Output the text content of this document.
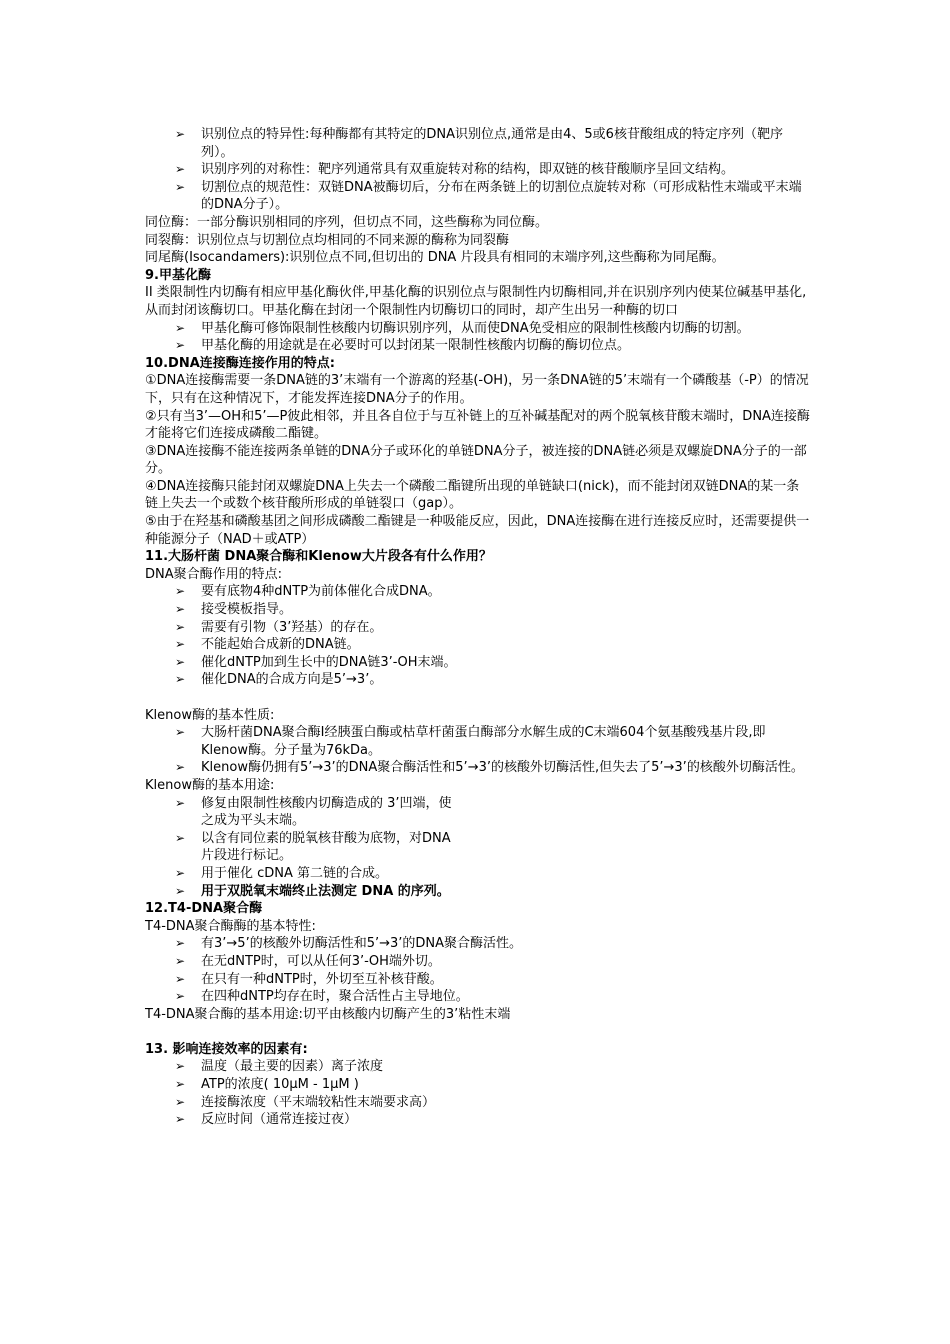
➢ 识别位点的特异性:每种酶都有其特定的DNA识别位点,通常是由4、5或6核苷酸组成的特定序列（靶序列）。

➢ 识别序列的对称性：靶序列通常具有双重旋转对称的结构，即双链的核苷酸顺序呈回文结构。

➢ 切割位点的规范性：双链DNA被酶切后，分布在两条链上的切割位点旋转对称（可形成粘性末端或平末端的DNA分子）。

同位酶：一部分酶识别相同的序列，但切点不同，这些酶称为同位酶。

同裂酶：识别位点与切割位点均相同的不同来源的酶称为同裂酶

同尾酶(Isocandamers):识别位点不同,但切出的 DNA 片段具有相同的末端序列,这些酶称为同尾酶。

9.甲基化酶

II 类限制性内切酶有相应甲基化酶伙伴,甲基化酶的识别位点与限制性内切酶相同,并在识别序列内使某位碱基甲基化,从而封闭该酶切口。甲基化酶在封闭一个限制性内切酶切口的同时，却产生出另一种酶的切口

➢ 甲基化酶可修饰限制性核酸内切酶识别序列，从而使DNA免受相应的限制性核酸内切酶的切割。

➢ 甲基化酶的用途就是在必要时可以封闭某一限制性核酸内切酶的酶切位点。

10.DNA连接酶连接作用的特点:

①DNA连接酶需要一条DNA链的3’末端有一个游离的羟基(-OH)，另一条DNA链的5’末端有一个磷酸基（-P）的情况下，只有在这种情况下，才能发挥连接DNA分子的作用。

②只有当3’—OH和5’—P彼此相邻，并且各自位于与互补链上的互补碱基配对的两个脱氧核苷酸末端时，DNA连接酶才能将它们连接成磷酸二酯键。

③DNA连接酶不能连接两条单链的DNA分子或环化的单链DNA分子，被连接的DNA链必须是双螺旋DNA分子的一部分。

④DNA连接酶只能封闭双螺旋DNA上失去一个磷酸二酯键所出现的单链缺口(nick)，而不能封闭双链DNA的某一条链上失去一个或数个核苷酸所形成的单链裂口（gap）。

⑤由于在羟基和磷酸基团之间形成磷酸二酯键是一种吸能反应，因此，DNA连接酶在进行连接反应时，还需要提供一种能源分子（NAD＋或ATP）

11.大肠杆菌 DNA聚合酶和Klenow大片段各有什么作用？

DNA聚合酶作用的特点:

➢ 要有底物4种dNTP为前体催化合成DNA。

➢ 接受模板指导。

➢ 需要有引物（3’羟基）的存在。

➢ 不能起始合成新的DNA链。

➢ 催化dNTP加到生长中的DNA链3’-OH末端。

➢ 催化DNA的合成方向是5’→3’。

Klenow酶的基本性质:

➢ 大肠杆菌DNA聚合酶Ⅰ经胰蛋白酶或枯草杆菌蛋白酶部分水解生成的C末端604个氨基酸残基片段,即Klenow酶。分子量为76kDa。

➢ Klenow酶仍拥有5’→3’的DNA聚合酶活性和5’→3’的核酸外切酶活性,但失去了5’→3’的核酸外切酶活性。

Klenow酶的基本用途:

➢ 修复由限制性核酸内切酶造成的 3’凹端，使
之成为平头末端。

➢ 以含有同位素的脱氧核苷酸为底物，对DNA
片段进行标记。

➢ 用于催化 cDNA 第二链的合成。

➢ 用于双脱氧末端终止法测定 DNA 的序列。

12.T4-DNA聚合酶

T4-DNA聚合酶酶的基本特性:

➢ 有3’→5’的核酸外切酶活性和5’→3’的DNA聚合酶活性。

➢ 在无dNTP时，可以从任何3’-OH端外切。

➢ 在只有一种dNTP时，外切至互补核苷酸。

➢ 在四种dNTP均存在时，聚合活性占主导地位。

T4-DNA聚合酶的基本用途:切平由核酸内切酶产生的3’粘性末端

13. 影响连接效率的因素有:

➢ 温度（最主要的因素）离子浓度

➢ ATP的浓度( 10μM - 1μM )

➢ 连接酶浓度（平末端较粘性末端要求高）

➢ 反应时间（通常连接过夜）
